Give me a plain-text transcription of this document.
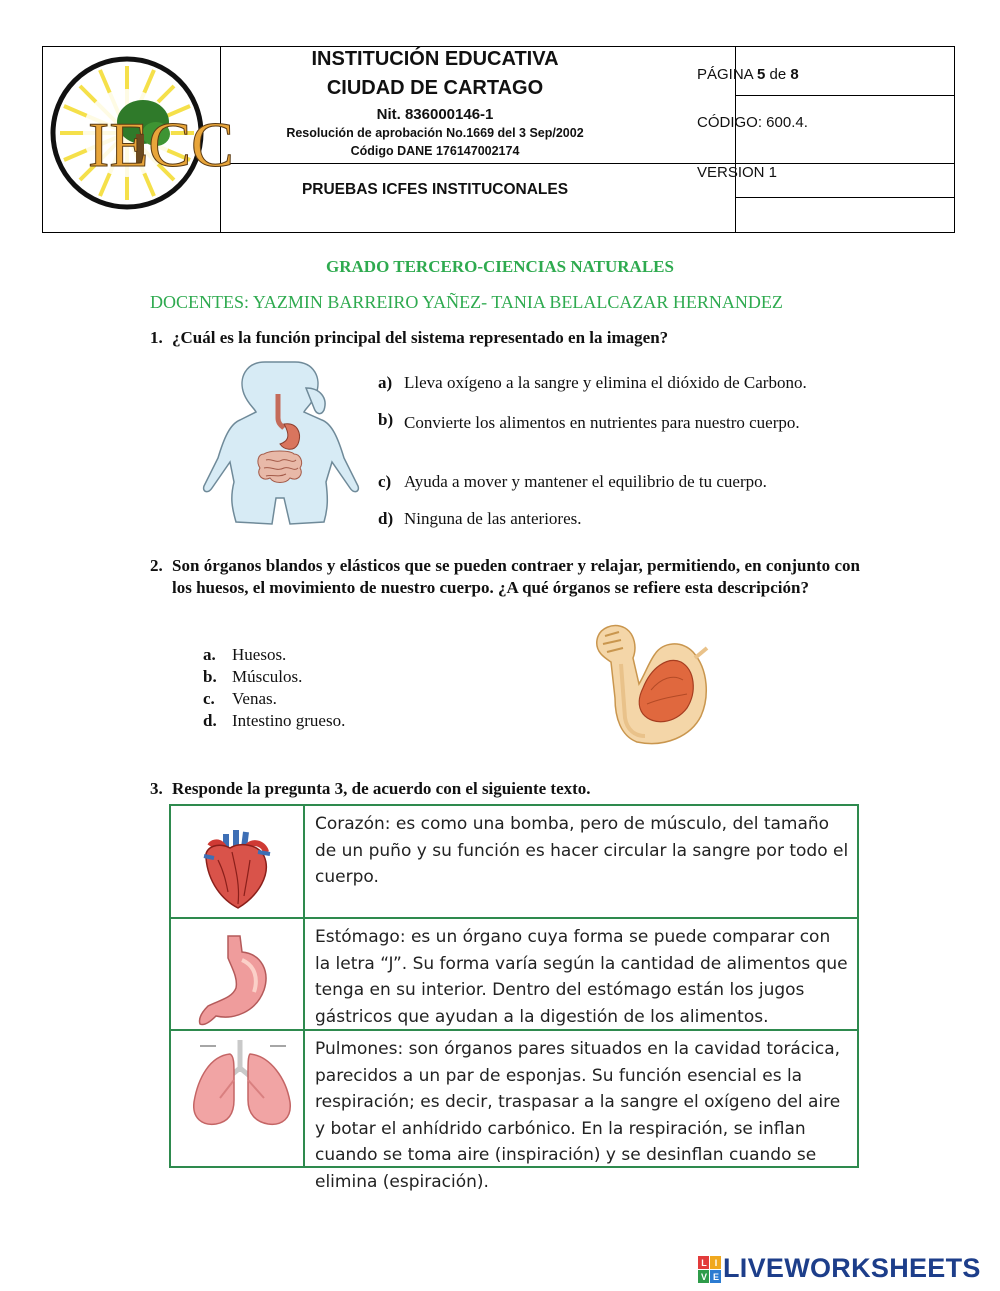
IECC
INSTITUCIÓN EDUCATIVA
CIUDAD DE CARTAGO
Nit. 836000146-1
Resolución de aprobación No.1669 del 3 Sep/2002
Código DANE 176147002174
PRUEBAS ICFES INSTITUCONALES
PÁGINA 5 de 8
CÓDIGO: 600.4.
VERSION 1
GRADO TERCERO-CIENCIAS NATURALES
DOCENTES: YAZMIN BARREIRO YAÑEZ- TANIA BELALCAZAR HERNANDEZ
1. ¿Cuál es la función principal del sistema representado en la imagen?
a) Lleva oxígeno a la sangre y elimina el dióxido de Carbono.
b) Convierte los alimentos en nutrientes para nuestro cuerpo.
c) Ayuda a mover y mantener el equilibrio de tu cuerpo.
d) Ninguna de las anteriores.
2. Son órganos blandos y elásticos que se pueden contraer y relajar, permitiendo, en conjunto con los huesos, el movimiento de nuestro cuerpo. ¿A qué órganos se refiere esta descripción?
a. Huesos.
b. Músculos.
c. Venas.
d. Intestino grueso.
3. Responde la pregunta 3, de acuerdo con el siguiente texto.
Corazón: es como una bomba, pero de músculo, del tamaño de un puño y su función es hacer circular la sangre por todo el cuerpo.
Estómago: es un órgano cuya forma se puede comparar con la letra “J”. Su forma varía según la cantidad de alimentos que tenga en su interior. Dentro del estómago están los jugos gástricos que ayudan a la digestión de los alimentos.
Pulmones: son órganos pares situados en la cavidad torácica, parecidos a un par de esponjas. Su función esencial es la respiración; es decir, traspasar a la sangre el oxígeno del aire y botar el anhídrido carbónico. En la respiración, se inflan cuando se toma aire (inspiración) y se desinflan cuando se elimina (espiración).
L I
V E LIVEWORKSHEETS
